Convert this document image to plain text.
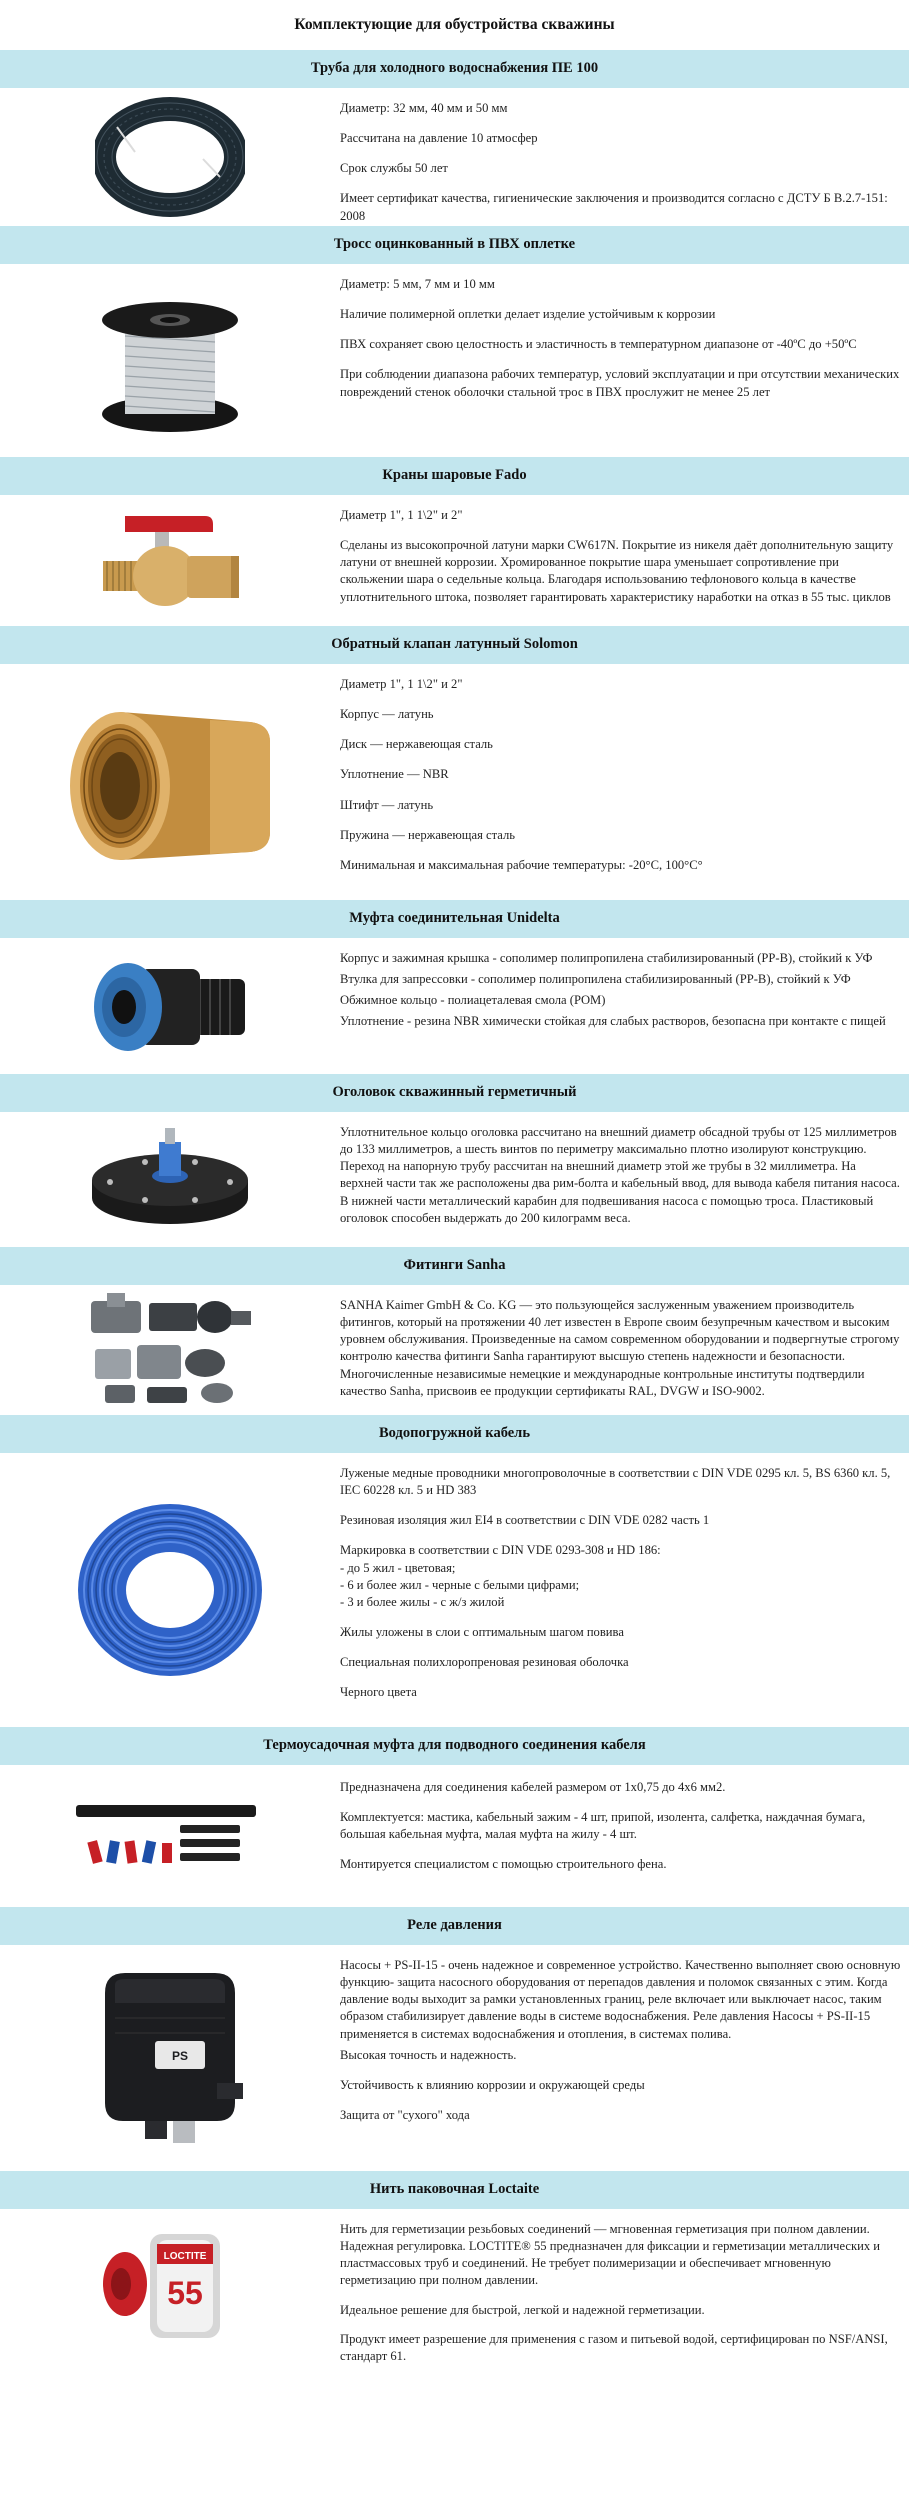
Комплектующие для обустройства скважины
Труба для холодного водоснабжения ПЕ 100

Диаметр: 32 мм, 40 мм и 50 мм

Рассчитана на давление 10 атмосфер

Срок службы 50 лет

Имеет сертификат качества, гигиенические заключения и производится согласно с ДСТУ Б В.2.7-151: 2008

Тросс оцинкованный в ПВХ оплетке

Диаметр: 5 мм, 7 мм и 10 мм

Наличие полимерной оплетки делает изделие устойчивым к коррозии

ПВХ сохраняет свою целостность и эластичность в температурном диапазоне от -40ºС до +50ºС

При соблюдении диапазона рабочих температур, условий эксплуатации и при отсутствии механических повреждений стенок оболочки стальной трос в ПВХ прослужит не менее 25 лет

Краны шаровые Fado

Диаметр 1", 1 1\2" и 2"

Сделаны из высокопрочной латуни марки CW617N. Покрытие из никеля даёт дополнительную защиту латуни от внешней коррозии. Хромированное покрытие шара уменьшает сопротивление при скольжении шара о седельные кольца. Благодаря использованию тефлонового кольца в качестве уплотнительного штока, позволяет гарантировать характеристику наработки на отказ в 55 тыс. циклов

Обратный клапан латунный Solomon

Диаметр 1", 1 1\2" и 2"

Корпус — латунь

Диск — нержавеющая сталь

Уплотнение — NBR

Штифт — латунь

Пружина — нержавеющая сталь

Минимальная и максимальная рабочие температуры: -20°С, 100°С°

Муфта соединительная Unidelta

Корпус и зажимная крышка - сополимер полипропилена стабилизированный (PP-B), стойкий к УФ

Втулка для запрессовки - сополимер полипропилена стабилизированный (PP-B), стойкий к УФ

Обжимное кольцо - полиацеталевая смола (POM)

Уплотнение - резина NBR химически стойкая для слабых растворов, безопасна при контакте с пищей

Оголовок скважинный герметичный

Уплотнительное кольцо оголовка рассчитано на внешний диаметр обсадной трубы от 125 миллиметров до 133 миллиметров, а шесть винтов по периметру максимально плотно изолируют конструкцию. Переход на напорную трубу рассчитан на внешний диаметр этой же трубы в 32 миллиметра. На верхней части так же расположены два рим-болта и кабельный ввод, для вывода кабеля питания насоса. В нижней части металлический карабин для подвешивания насоса с помощью троса. Пластиковый оголовок способен выдержать до 200 килограмм веса.

Фитинги Sanha

SANHA Kaimer GmbH & Co. KG — это пользующейся заслуженным уважением производитель фитингов, который на протяжении 40 лет известен в Европе своим безупречным качеством и высоким уровнем обслуживания. Произведенные на самом современном оборудовании и подвергнутые строгому контролю качества фитинги Sanha гарантируют высшую степень надежности и безопасности. Многочисленные независимые немецкие и международные контрольные институты подтвердили качество Sanha, присвоив ее продукции сертификаты RAL, DVGW и ISO-9002.

Водопогружной кабель

Луженые медные проводники многопроволочные в соответствии с DIN VDE 0295 кл. 5, BS 6360 кл. 5, IEC 60228 кл. 5 и HD 383

Резиновая изоляция жил EI4 в соответствии с DIN VDE 0282 часть 1

Маркировка в соответствии с DIN VDE 0293-308 и HD 186:
- до 5 жил - цветовая;
- 6 и более жил - черные с белыми цифрами;
- 3 и более жилы - с ж/з жилой

Жилы уложены в слои с оптимальным шагом повива

Специальная полихлоропреновая резиновая оболочка

Черного цвета

Термоусадочная муфта для подводного соединения кабеля

Предназначена для соединения кабелей размером от 1х0,75 до 4х6 мм2.

Комплектуется: мастика, кабельный зажим - 4 шт, припой, изолента, салфетка, наждачная бумага, большая кабельная муфта, малая муфта на жилу - 4 шт.

Монтируется специалистом с помощью строительного фена.

Реле давления
PS

Насосы + PS-II-15 - очень надежное и современное устройство. Качественно выполняет свою основную функцию- защита насосного оборудования от перепадов давления и поломок связанных с этим. Когда давление воды выходит за рамки установленных границ, реле включает или выключает насос, таким образом стабилизирует давление воды в системе водоснабжения. Реле давления Насосы + PS-II-15 применяется в системах водоснабжения и отопления, в системах полива.

Высокая точность и надежность.

Устойчивость к влиянию коррозии и окружающей среды

Защита от "сухого" хода

Нить паковочная Loctaite
LOCTITE
55

Нить для герметизации резьбовых соединений — мгновенная герметизация при полном давлении. Надежная регулировка. LOCTITE® 55 предназначен для фиксации и герметизации металлических и пластмассовых труб и соединений. Не требует полимеризации и обеспечивает мгновенную герметизацию при полном давлении.

Идеальное решение для быстрой, легкой и надежной герметизации.

Продукт имеет разрешение для применения с газом и питьевой водой, сертифицирован по NSF/ANSI, стандарт 61.
